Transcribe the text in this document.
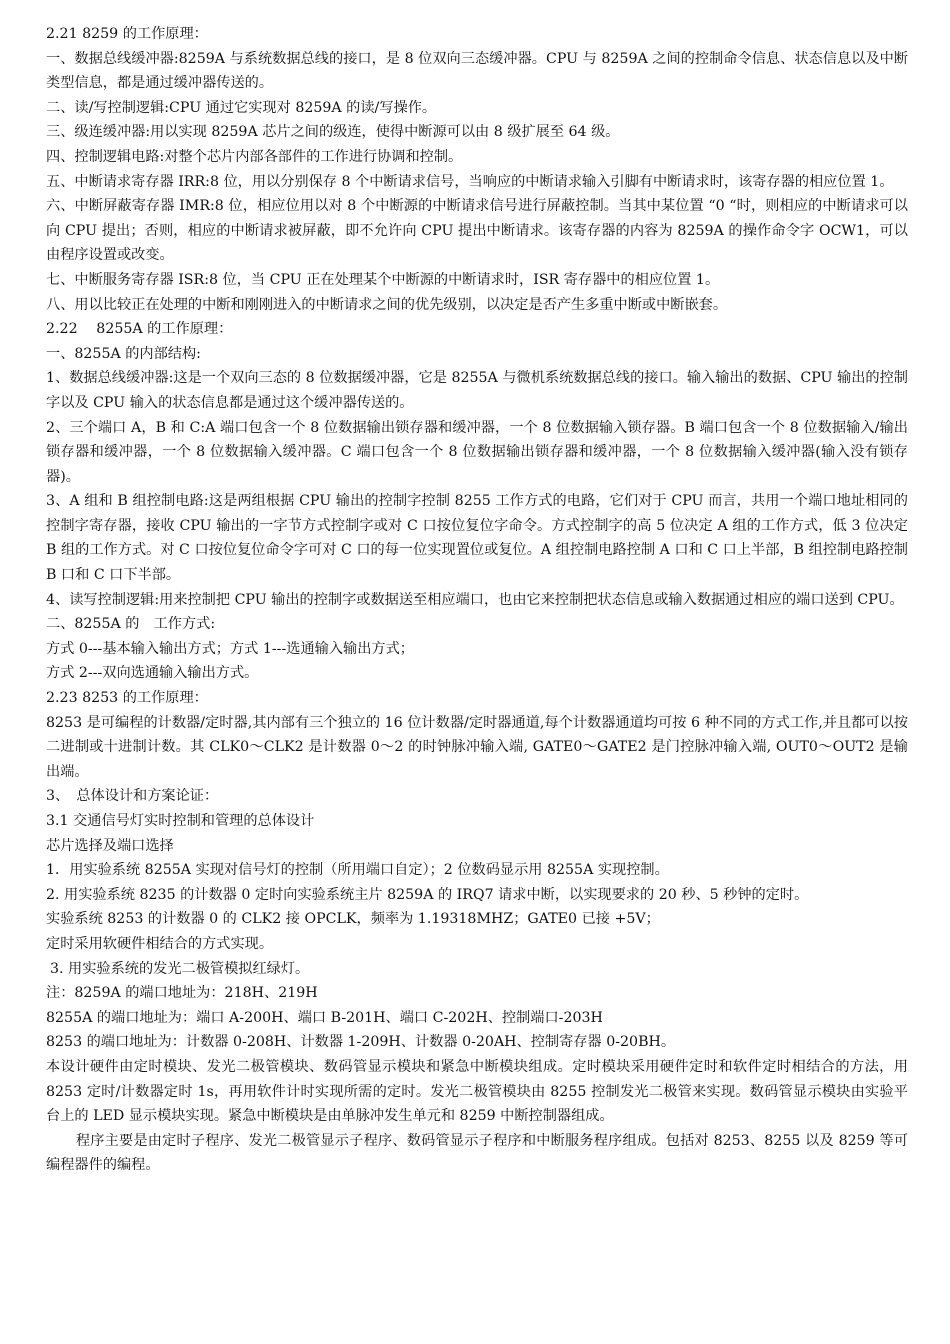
2.21 8259 的工作原理：

一、数据总线缓冲器:8259A 与系统数据总线的接口，是 8 位双向三态缓冲器。CPU 与 8259A 之间的控制命令信息、状态信息以及中断类型信息，都是通过缓冲器传送的。

二、读/写控制逻辑:CPU 通过它实现对 8259A 的读/写操作。

三、级连缓冲器:用以实现 8259A 芯片之间的级连，使得中断源可以由 8 级扩展至 64 级。

四、控制逻辑电路:对整个芯片内部各部件的工作进行协调和控制。

五、中断请求寄存器 IRR:8 位，用以分别保存 8 个中断请求信号，当响应的中断请求输入引脚有中断请求时，该寄存器的相应位置 1。

六、中断屏蔽寄存器 IMR:8 位，相应位用以对 8 个中断源的中断请求信号进行屏蔽控制。当其中某位置 “0 “时，则相应的中断请求可以向 CPU 提出；否则，相应的中断请求被屏蔽，即不允许向 CPU 提出中断请求。该寄存器的内容为 8259A 的操作命令字 OCW1，可以由程序设置或改变。

七、中断服务寄存器 ISR:8 位，当 CPU 正在处理某个中断源的中断请求时，ISR 寄存器中的相应位置 1。

八、用以比较正在处理的中断和刚刚进入的中断请求之间的优先级别，以决定是否产生多重中断或中断嵌套。

2.22　 8255A 的工作原理：

一、8255A 的内部结构:

1、数据总线缓冲器:这是一个双向三态的 8 位数据缓冲器，它是 8255A 与微机系统数据总线的接口。输入输出的数据、CPU 输出的控制字以及 CPU 输入的状态信息都是通过这个缓冲器传送的。

2、三个端口 A，B 和 C:A 端口包含一个 8 位数据输出锁存器和缓冲器，一个 8 位数据输入锁存器。B 端口包含一个 8 位数据输入/输出锁存器和缓冲器，一个 8 位数据输入缓冲器。C 端口包含一个 8 位数据输出锁存器和缓冲器，一个 8 位数据输入缓冲器(输入没有锁存器)。

3、A 组和 B 组控制电路:这是两组根据 CPU 输出的控制字控制 8255 工作方式的电路，它们对于 CPU 而言，共用一个端口地址相同的控制字寄存器，接收 CPU 输出的一字节方式控制字或对 C 口按位复位字命令。方式控制字的高 5 位决定 A 组的工作方式，低 3 位决定 B 组的工作方式。对 C 口按位复位命令字可对 C 口的每一位实现置位或复位。A 组控制电路控制 A 口和 C 口上半部，B 组控制电路控制 B 口和 C 口下半部。

4、读写控制逻辑:用来控制把 CPU 输出的控制字或数据送至相应端口，也由它来控制把状态信息或输入数据通过相应的端口送到 CPU。

二、8255A 的　工作方式:

方式 0---基本输入输出方式；方式 1---选通输入输出方式；

方式 2---双向选通输入输出方式。

2.23 8253 的工作原理：

8253 是可编程的计数器/定时器,其内部有三个独立的 16 位计数器/定时器通道,每个计数器通道均可按 6 种不同的方式工作,并且都可以按二进制或十进制计数。其 CLK0～CLK2 是计数器 0～2 的时钟脉冲输入端, GATE0～GATE2 是门控脉冲输入端, OUT0～OUT2 是输出端。

3、　总体设计和方案论证：

3.1 交通信号灯实时控制和管理的总体设计

芯片选择及端口选择

1．用实验系统 8255A 实现对信号灯的控制（所用端口自定）；2 位数码显示用 8255A 实现控制。

2. 用实验系统 8235 的计数器 0 定时向实验系统主片 8259A 的 IRQ7 请求中断，以实现要求的 20 秒、5 秒钟的定时。

实验系统 8253 的计数器 0 的 CLK2 接 OPCLK，频率为 1.19318MHZ；GATE0 已接 +5V；

定时采用软硬件相结合的方式实现。

3. 用实验系统的发光二极管模拟红绿灯。

注：8259A 的端口地址为：218H、219H

8255A 的端口地址为：端口 A-200H、端口 B-201H、端口 C-202H、控制端口-203H

8253 的端口地址为：计数器 0-208H、计数器 1-209H、计数器 0-20AH、控制寄存器 0-20BH。

本设计硬件由定时模块、发光二极管模块、数码管显示模块和紧急中断模块组成。定时模块采用硬件定时和软件定时相结合的方法，用 8253 定时/计数器定时 1s，再用软件计时实现所需的定时。发光二极管模块由 8255 控制发光二极管来实现。数码管显示模块由实验平台上的 LED 显示模块实现。紧急中断模块是由单脉冲发生单元和 8259 中断控制器组成。

程序主要是由定时子程序、发光二极管显示子程序、数码管显示子程序和中断服务程序组成。包括对 8253、8255 以及 8259 等可编程器件的编程。
